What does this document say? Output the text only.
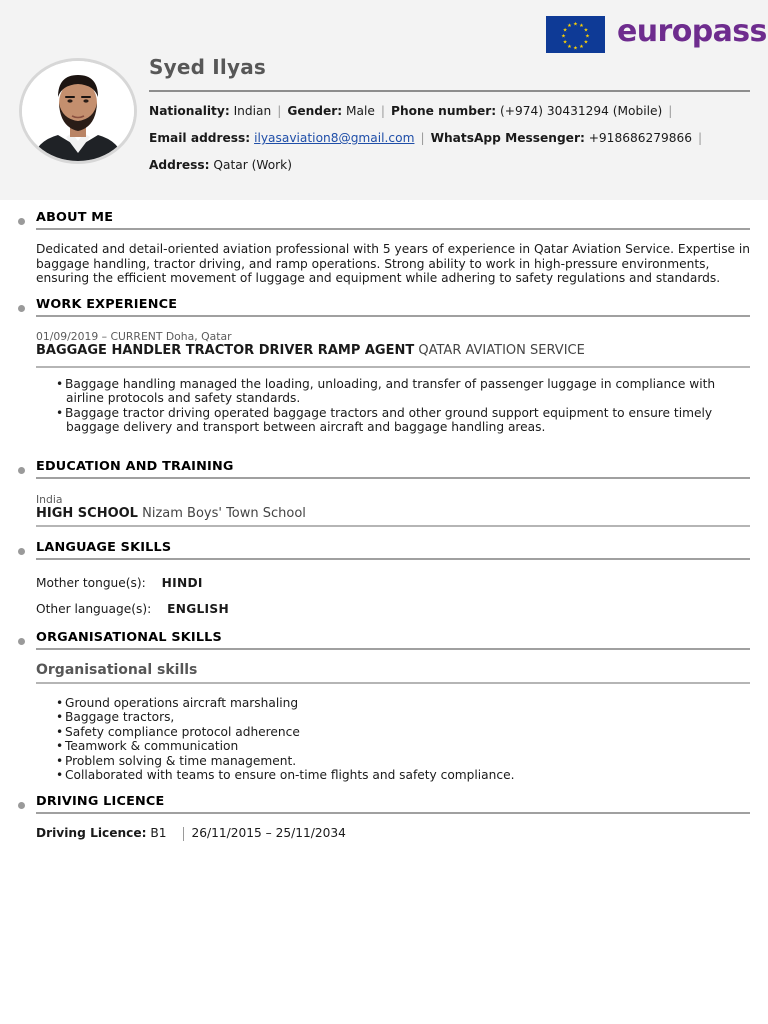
Syed Ilyas
Nationality: Indian | Gender: Male | Phone number: (+974) 30431294 (Mobile) |
Email address: ilyasaviation8@gmail.com | WhatsApp Messenger: +918686279866 |
Address: Qatar (Work)
★ ★
★
★
★
★
★
★
★
★
★
★ europass
ABOUT ME
Dedicated and detail-oriented aviation professional with 5 years of experience in Qatar Aviation Service. Expertise in baggage handling, tractor driving, and ramp operations. Strong ability to work in high-pressure environments, ensuring the efficient movement of luggage and equipment while adhering to safety regulations and standards.
WORK EXPERIENCE
01/09/2019 – CURRENT Doha, Qatar
BAGGAGE HANDLER TRACTOR DRIVER RAMP AGENT QATAR AVIATION SERVICE
• Baggage handling managed the loading, unloading, and transfer of passenger luggage in compliance with airline protocols and safety standards.
• Baggage tractor driving operated baggage tractors and other ground support equipment to ensure timely baggage delivery and transport between aircraft and baggage handling areas.
EDUCATION AND TRAINING
India
HIGH SCHOOL Nizam Boys' Town School
LANGUAGE SKILLS
Mother tongue(s): HINDI
Other language(s): ENGLISH
ORGANISATIONAL SKILLS
Organisational skills
• Ground operations aircraft marshaling
• Baggage tractors,
• Safety compliance protocol adherence
• Teamwork & communication
• Problem solving & time management.
• Collaborated with teams to ensure on-time flights and safety compliance.
DRIVING LICENCE
Driving Licence: B1 26/11/2015 – 25/11/2034
